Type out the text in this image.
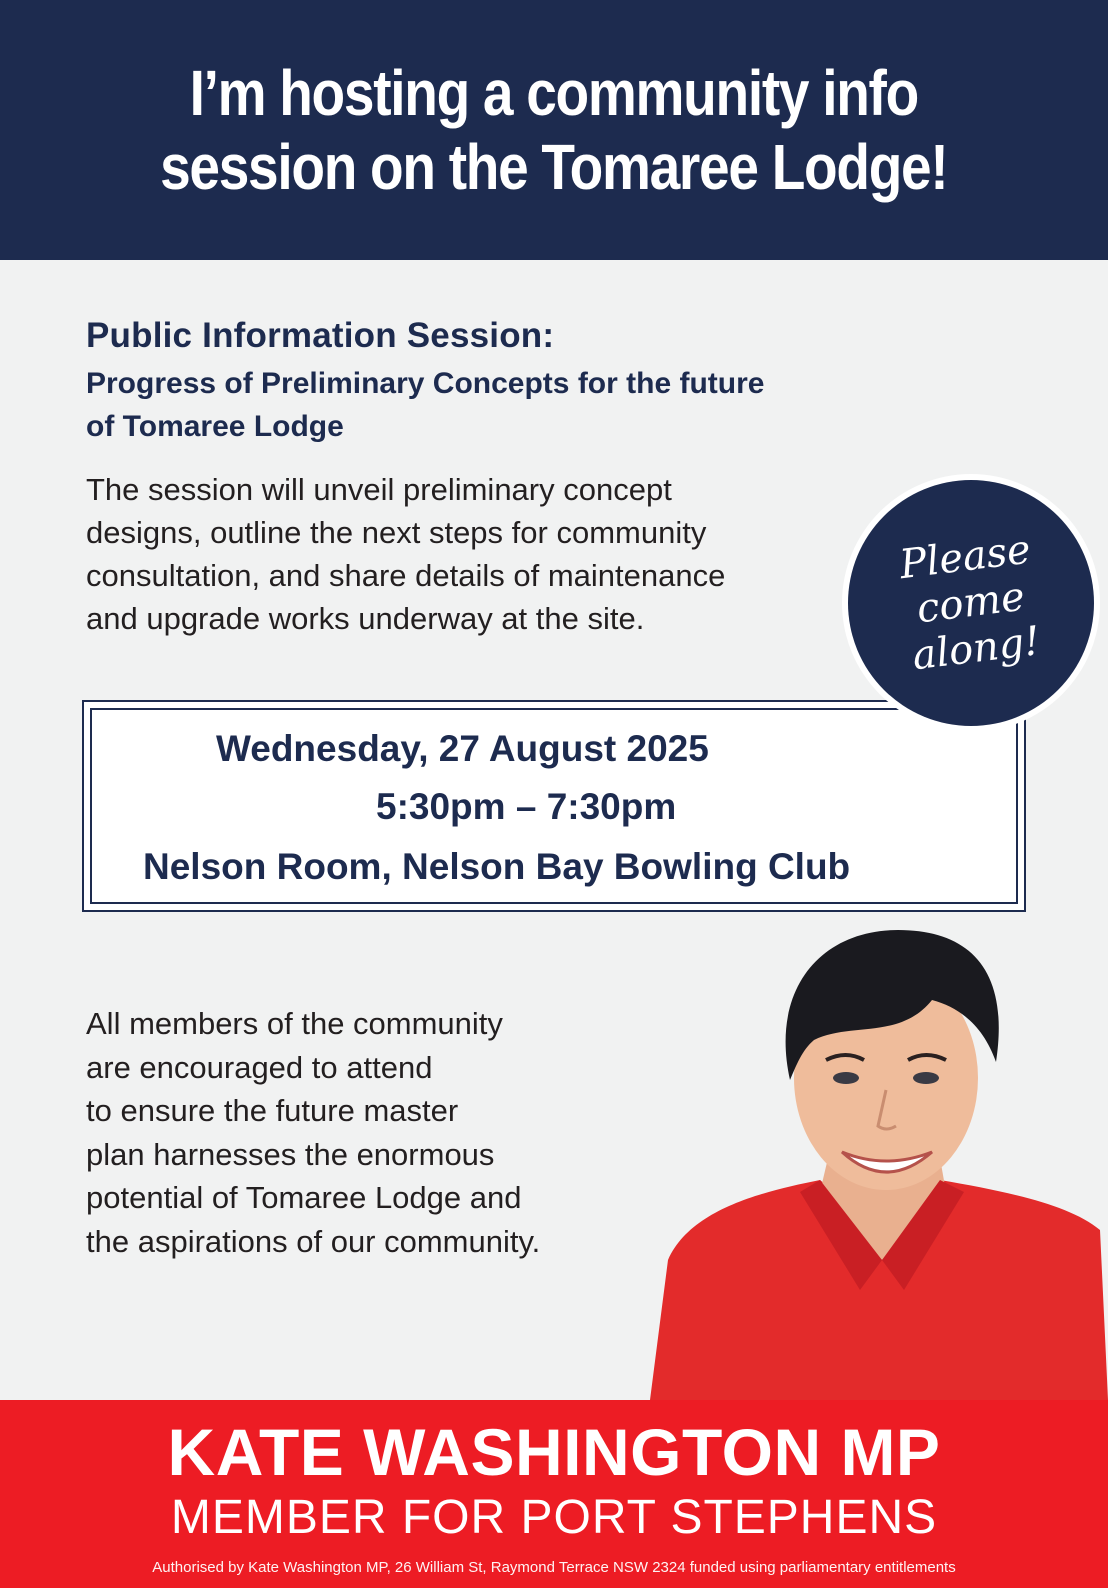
I’m hosting a community info
session on the Tomaree Lodge!
Public Information Session:
Progress of Preliminary Concepts for the future
of Tomaree Lodge

The session will unveil preliminary concept
designs, outline the next steps for community
consultation, and share details of maintenance
and upgrade works underway at the site.

Please
come
along!

Wednesday, 27 August 2025

5:30pm – 7:30pm

Nelson Room, Nelson Bay Bowling Club

All members of the community
are encouraged to attend
to ensure the future master
plan harnesses the enormous
potential of Tomaree Lodge and
the aspirations of our community.

KATE WASHINGTON MP

MEMBER FOR PORT STEPHENS

Authorised by Kate Washington MP, 26 William St, Raymond Terrace NSW 2324 funded using parliamentary entitlements
